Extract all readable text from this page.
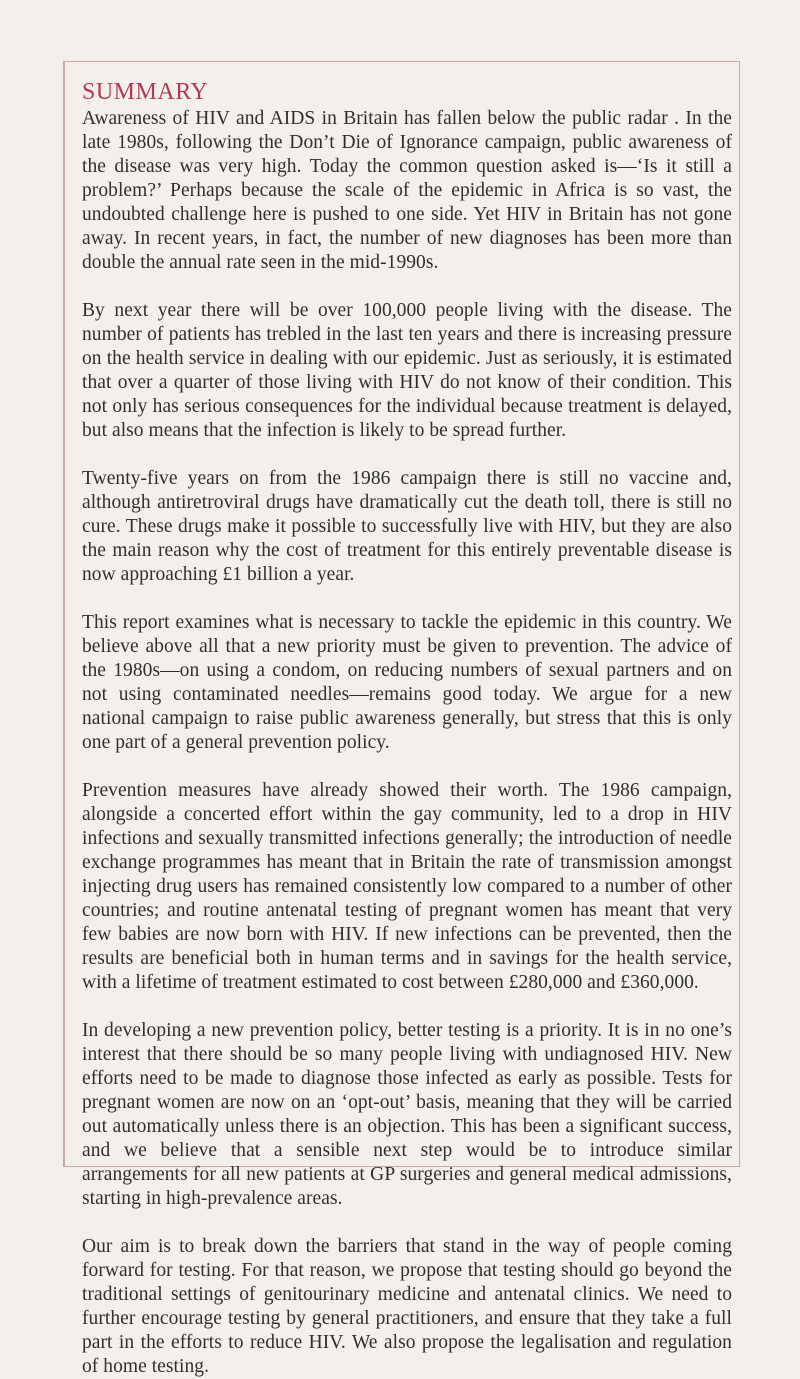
SUMMARY

Awareness of HIV and AIDS in Britain has fallen below the public radar . In the late 1980s, following the Don’t Die of Ignorance campaign, public awareness of the disease was very high. Today the common question asked is—‘Is it still a problem?’ Perhaps because the scale of the epidemic in Africa is so vast, the undoubted challenge here is pushed to one side. Yet HIV in Britain has not gone away. In recent years, in fact, the number of new diagnoses has been more than double the annual rate seen in the mid-1990s.

By next year there will be over 100,000 people living with the disease. The number of patients has trebled in the last ten years and there is increasing pressure on the health service in dealing with our epidemic. Just as seriously, it is estimated that over a quarter of those living with HIV do not know of their condition. This not only has serious consequences for the individual because treatment is delayed, but also means that the infection is likely to be spread further.

Twenty-five years on from the 1986 campaign there is still no vaccine and, although antiretroviral drugs have dramatically cut the death toll, there is still no cure. These drugs make it possible to successfully live with HIV, but they are also the main reason why the cost of treatment for this entirely preventable disease is now approaching £1 billion a year.

This report examines what is necessary to tackle the epidemic in this country. We believe above all that a new priority must be given to prevention. The advice of the 1980s—on using a condom, on reducing numbers of sexual partners and on not using contaminated needles—remains good today. We argue for a new national campaign to raise public awareness generally, but stress that this is only one part of a general prevention policy.

Prevention measures have already showed their worth. The 1986 campaign, alongside a concerted effort within the gay community, led to a drop in HIV infections and sexually transmitted infections generally; the introduction of needle exchange programmes has meant that in Britain the rate of transmission amongst injecting drug users has remained consistently low compared to a number of other countries; and routine antenatal testing of pregnant women has meant that very few babies are now born with HIV. If new infections can be prevented, then the results are beneficial both in human terms and in savings for the health service, with a lifetime of treatment estimated to cost between £280,000 and £360,000.

In developing a new prevention policy, better testing is a priority. It is in no one’s interest that there should be so many people living with undiagnosed HIV. New efforts need to be made to diagnose those infected as early as possible. Tests for pregnant women are now on an ‘opt-out’ basis, meaning that they will be carried out automatically unless there is an objection. This has been a significant success, and we believe that a sensible next step would be to introduce similar arrangements for all new patients at GP surgeries and general medical admissions, starting in high-prevalence areas.

Our aim is to break down the barriers that stand in the way of people coming forward for testing. For that reason, we propose that testing should go beyond the traditional settings of genitourinary medicine and antenatal clinics. We need to further encourage testing by general practitioners, and ensure that they take a full part in the efforts to reduce HIV. We also propose the legalisation and regulation of home testing.
